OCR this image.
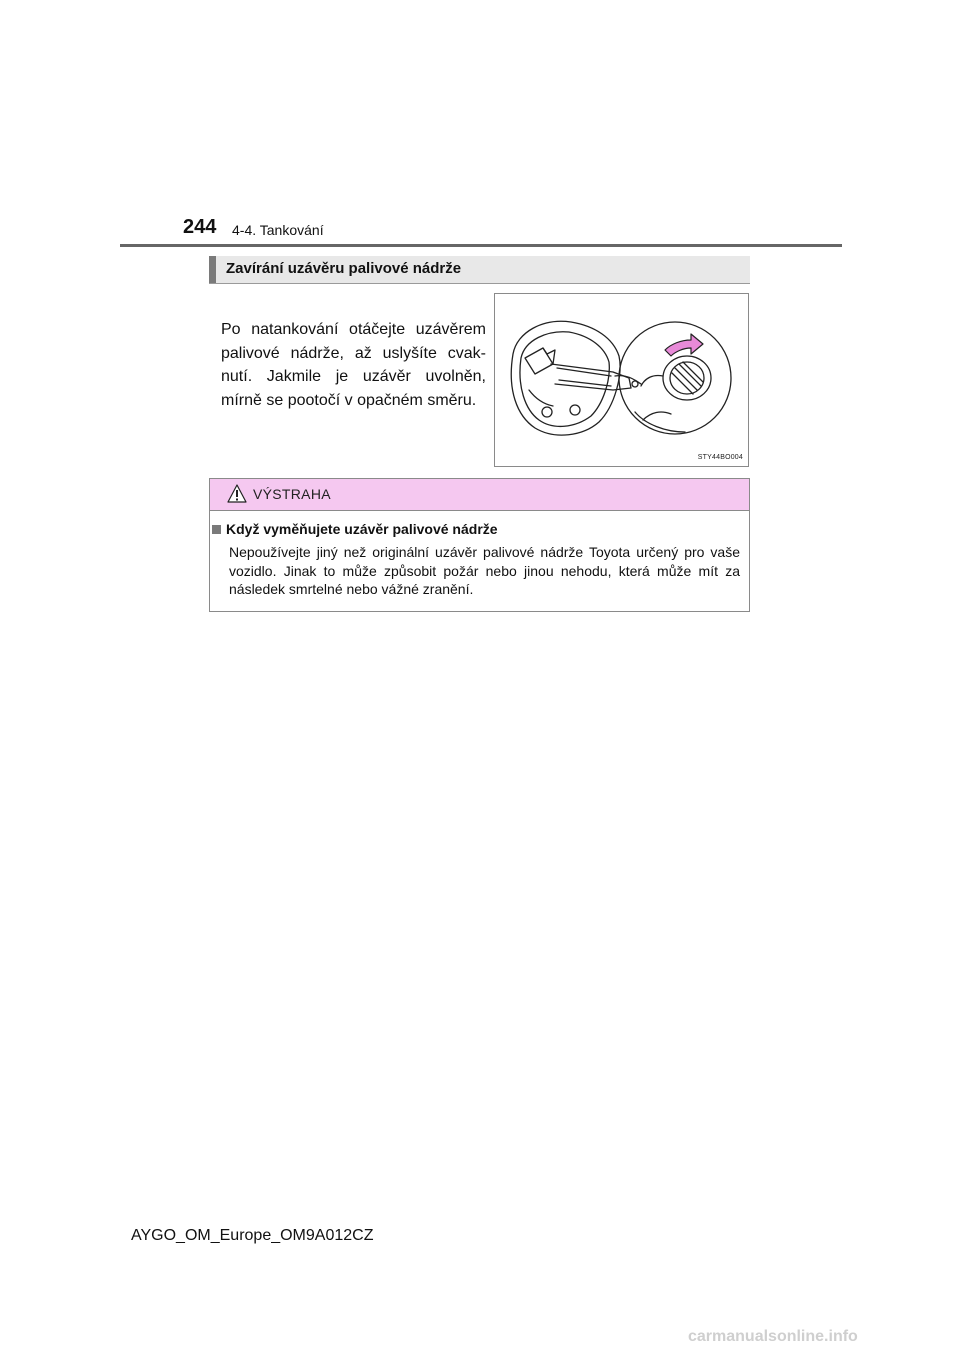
244 4-4. Tankování
Zavírání uzávěru palivové nádrže
Po natankování otáčejte uzávěrem palivové nádrže, až uslyšíte cvak-nutí. Jakmile je uzávěr uvolněn, mírně se pootočí v opačném směru.
STY44BO004
VÝSTRAHA
Když vyměňujete uzávěr palivové nádrže
Nepoužívejte jiný než originální uzávěr palivové nádrže Toyota určený pro vaše vozidlo. Jinak to může způsobit požár nebo jinou nehodu, která může mít za následek smrtelné nebo vážné zranění.
AYGO_OM_Europe_OM9A012CZ
carmanualsonline.info
